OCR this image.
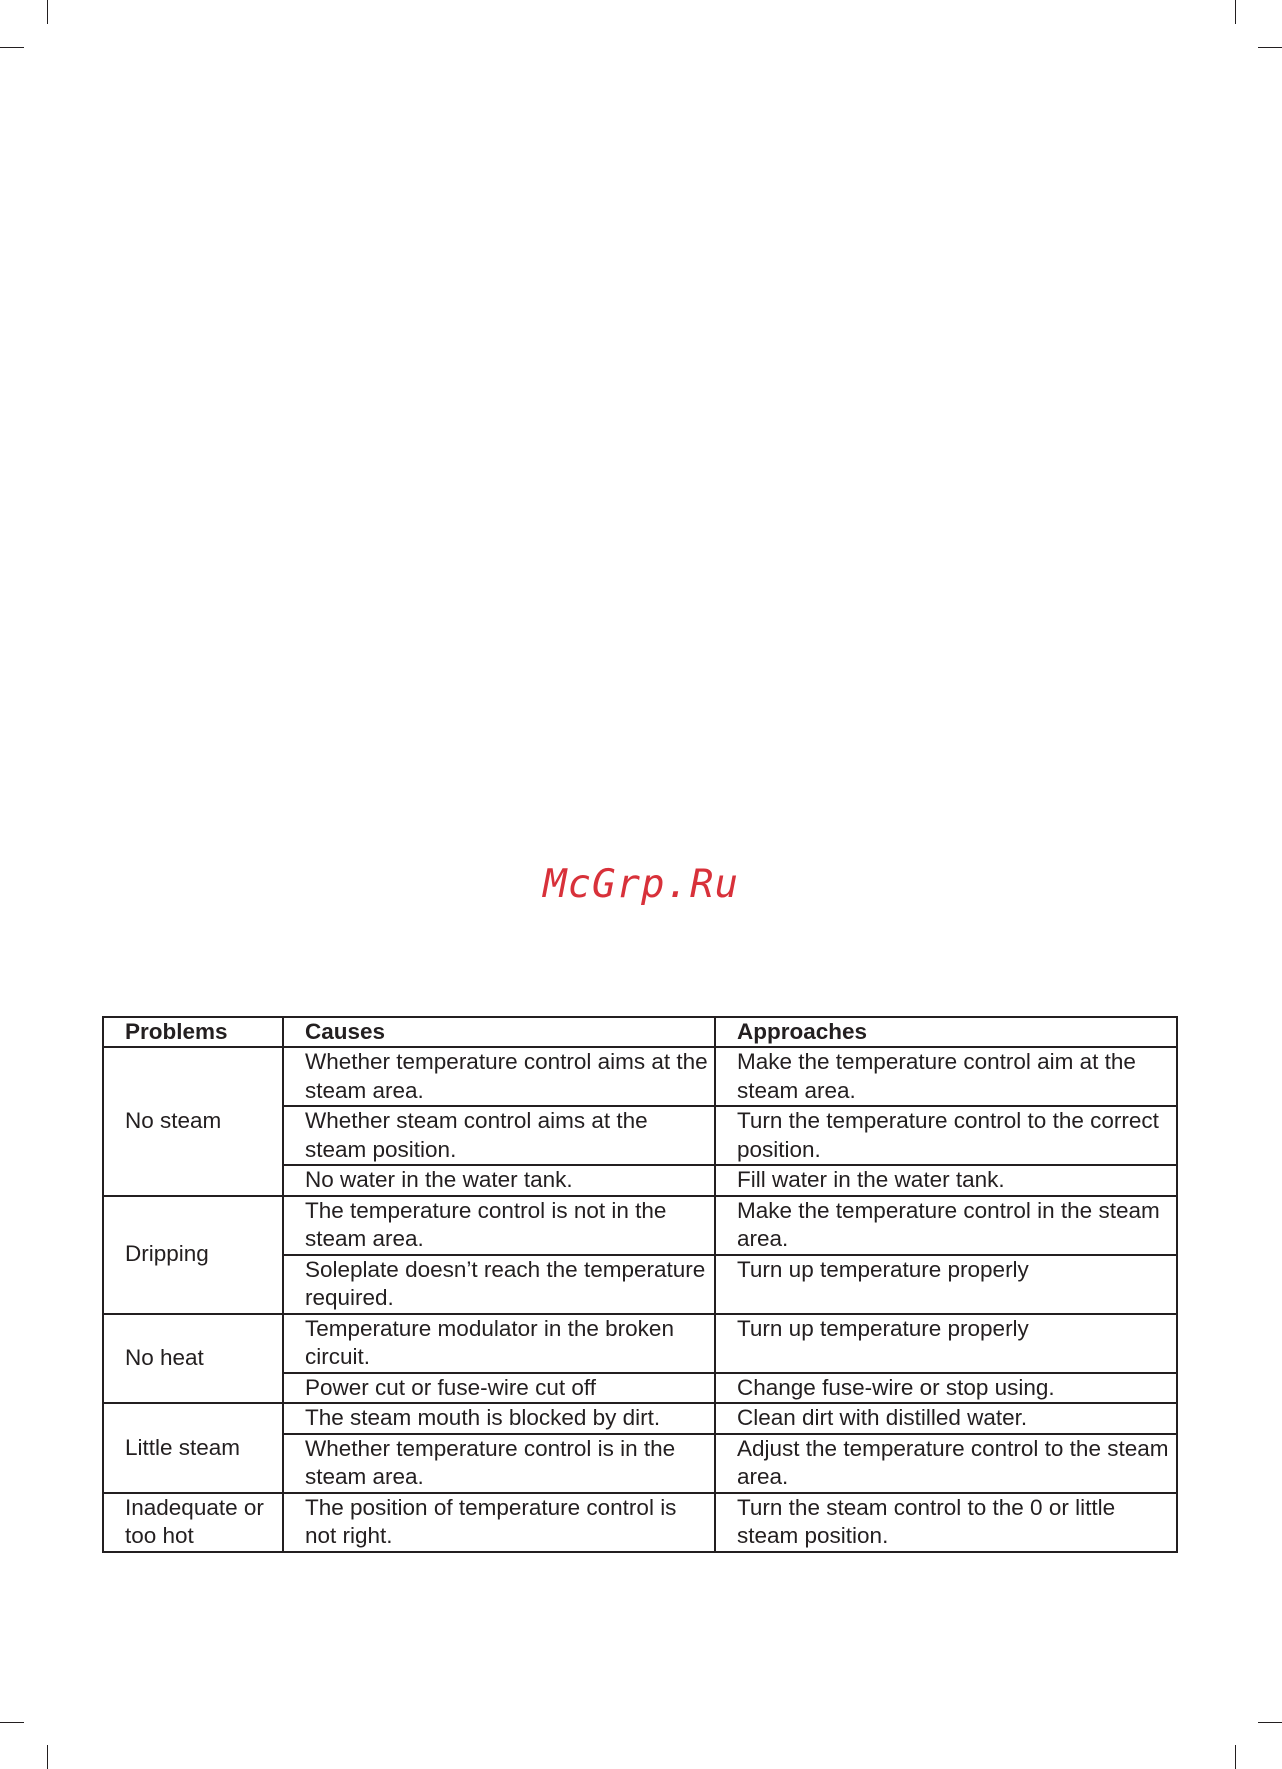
McGrp.Ru
Problems	Causes	Approaches
No steam	Whether temperature control aims at the steam area.	Make the temperature control aim at the steam area.
	Whether steam control aims at the steam position.	Turn the temperature control to the correct position.
	No water in the water tank.	Fill water in the water tank.
Dripping	The temperature control is not in the steam area.	Make the temperature control in the steam area.
	Soleplate doesn’t reach the temperature required.	Turn up temperature properly
No heat	Temperature modulator in the broken circuit.	Turn up temperature properly
	Power cut or fuse-wire cut off	Change fuse-wire or stop using.
Little steam	The steam mouth is blocked by dirt.	Clean dirt with distilled water.
	Whether temperature control is in the steam area.	Adjust the temperature control to the steam area.
Inadequate or too hot	The position of temperature control is not right.	Turn the steam control to the 0 or little steam position.
